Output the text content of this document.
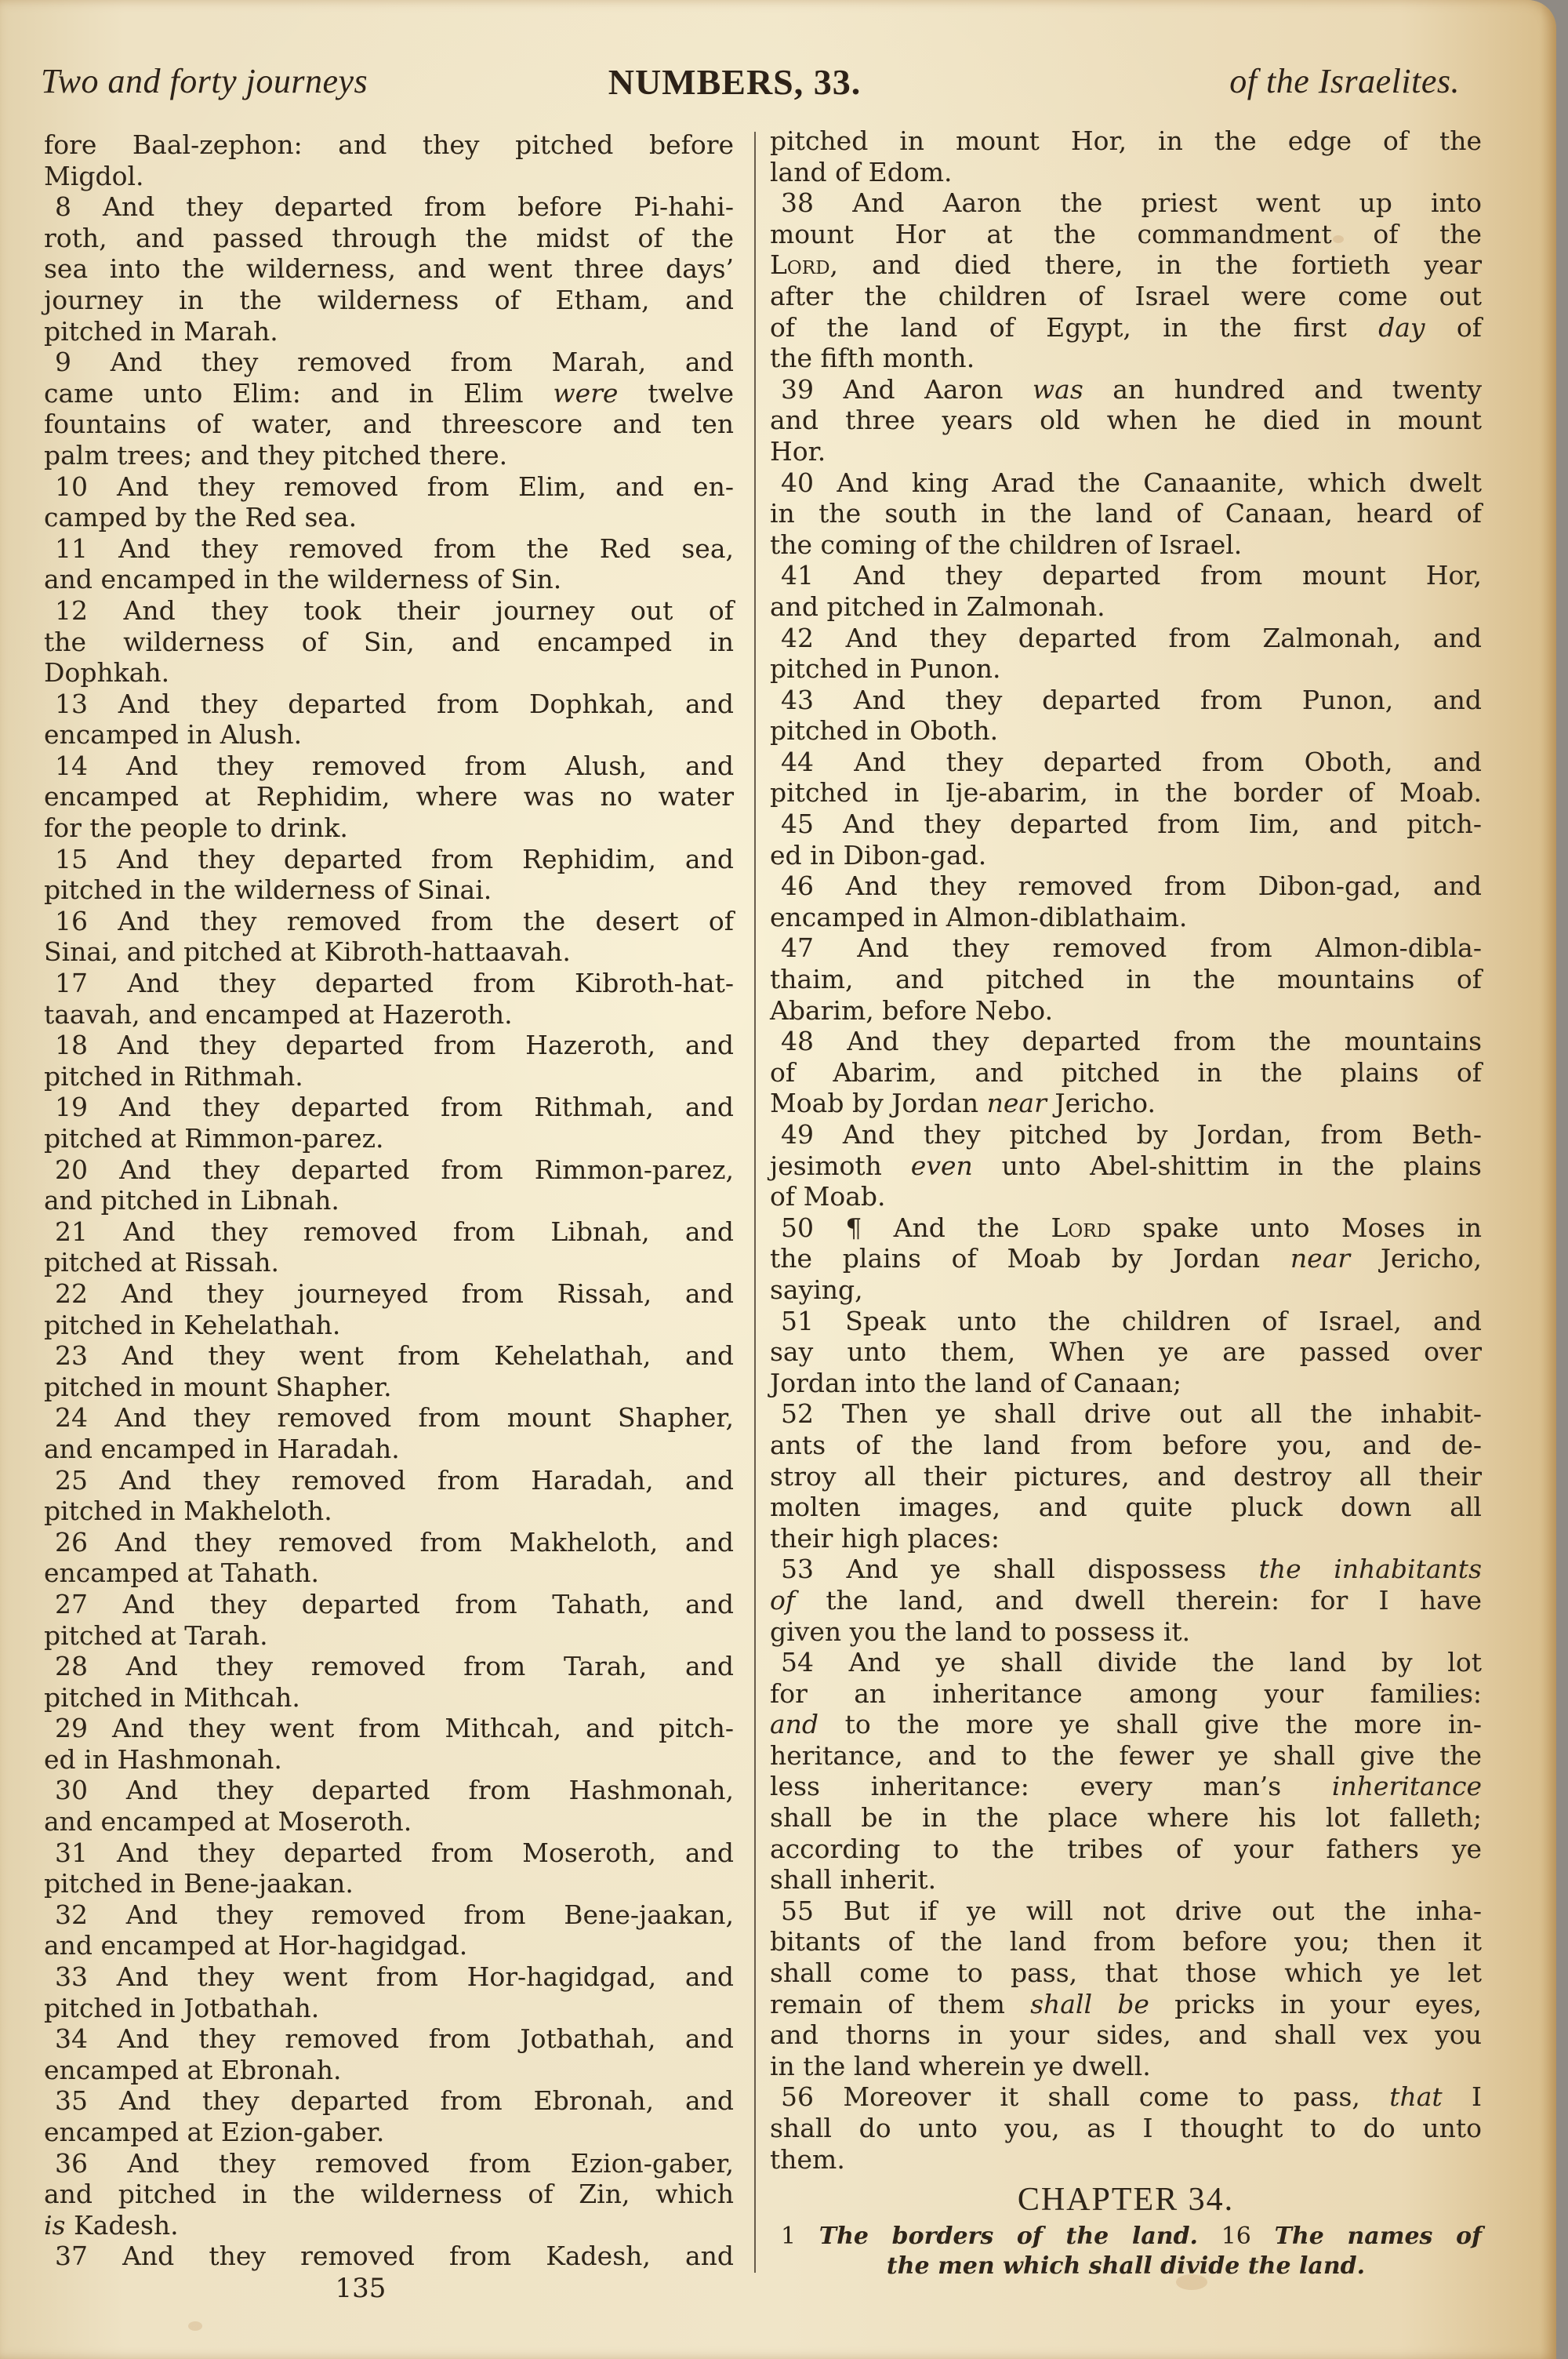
Two and forty journeys	NUMBERS, 33.	of the Israelites.
fore Baal-zephon: and they pitched before
Migdol.
8 And they departed from before Pi-hahi-
roth, and passed through the midst of the
sea into the wilderness, and went three days’
journey in the wilderness of Etham, and
pitched in Marah.
9 And they removed from Marah, and
came unto Elim: and in Elim were twelve
fountains of water, and threescore and ten
palm trees; and they pitched there.
10 And they removed from Elim, and en-
camped by the Red sea.
11 And they removed from the Red sea,
and encamped in the wilderness of Sin.
12 And they took their journey out of
the wilderness of Sin, and encamped in
Dophkah.
13 And they departed from Dophkah, and
encamped in Alush.
14 And they removed from Alush, and
encamped at Rephidim, where was no water
for the people to drink.
15 And they departed from Rephidim, and
pitched in the wilderness of Sinai.
16 And they removed from the desert of
Sinai, and pitched at Kibroth-hattaavah.
17 And they departed from Kibroth-hat-
taavah, and encamped at Hazeroth.
18 And they departed from Hazeroth, and
pitched in Rithmah.
19 And they departed from Rithmah, and
pitched at Rimmon-parez.
20 And they departed from Rimmon-parez,
and pitched in Libnah.
21 And they removed from Libnah, and
pitched at Rissah.
22 And they journeyed from Rissah, and
pitched in Kehelathah.
23 And they went from Kehelathah, and
pitched in mount Shapher.
24 And they removed from mount Shapher,
and encamped in Haradah.
25 And they removed from Haradah, and
pitched in Makheloth.
26 And they removed from Makheloth, and
encamped at Tahath.
27 And they departed from Tahath, and
pitched at Tarah.
28 And they removed from Tarah, and
pitched in Mithcah.
29 And they went from Mithcah, and pitch-
ed in Hashmonah.
30 And they departed from Hashmonah,
and encamped at Moseroth.
31 And they departed from Moseroth, and
pitched in Bene-jaakan.
32 And they removed from Bene-jaakan,
and encamped at Hor-hagidgad.
33 And they went from Hor-hagidgad, and
pitched in Jotbathah.
34 And they removed from Jotbathah, and
encamped at Ebronah.
35 And they departed from Ebronah, and
encamped at Ezion-gaber.
36 And they removed from Ezion-gaber,
and pitched in the wilderness of Zin, which
is Kadesh.
37 And they removed from Kadesh, and
pitched in mount Hor, in the edge of the
land of Edom.
38 And Aaron the priest went up into
mount Hor at the commandment of the
Lord, and died there, in the fortieth year
after the children of Israel were come out
of the land of Egypt, in the first day of
the fifth month.
39 And Aaron was an hundred and twenty
and three years old when he died in mount
Hor.
40 And king Arad the Canaanite, which dwelt
in the south in the land of Canaan, heard of
the coming of the children of Israel.
41 And they departed from mount Hor,
and pitched in Zalmonah.
42 And they departed from Zalmonah, and
pitched in Punon.
43 And they departed from Punon, and
pitched in Oboth.
44 And they departed from Oboth, and
pitched in Ije-abarim, in the border of Moab.
45 And they departed from Iim, and pitch-
ed in Dibon-gad.
46 And they removed from Dibon-gad, and
encamped in Almon-diblathaim.
47 And they removed from Almon-dibla-
thaim, and pitched in the mountains of
Abarim, before Nebo.
48 And they departed from the mountains
of Abarim, and pitched in the plains of
Moab by Jordan near Jericho.
49 And they pitched by Jordan, from Beth-
jesimoth even unto Abel-shittim in the plains
of Moab.
50 ¶ And the Lord spake unto Moses in
the plains of Moab by Jordan near Jericho,
saying,
51 Speak unto the children of Israel, and
say unto them, When ye are passed over
Jordan into the land of Canaan;
52 Then ye shall drive out all the inhabit-
ants of the land from before you, and de-
stroy all their pictures, and destroy all their
molten images, and quite pluck down all
their high places:
53 And ye shall dispossess the inhabitants
of the land, and dwell therein: for I have
given you the land to possess it.
54 And ye shall divide the land by lot
for an inheritance among your families:
and to the more ye shall give the more in-
heritance, and to the fewer ye shall give the
less inheritance: every man’s inheritance
shall be in the place where his lot falleth;
according to the tribes of your fathers ye
shall inherit.
55 But if ye will not drive out the inha-
bitants of the land from before you; then it
shall come to pass, that those which ye let
remain of them shall be pricks in your eyes,
and thorns in your sides, and shall vex you
in the land wherein ye dwell.
56 Moreover it shall come to pass, that I
shall do unto you, as I thought to do unto
them.
CHAPTER 34.
1 The borders of the land. 16 The names of
the men which shall divide the land.
135
